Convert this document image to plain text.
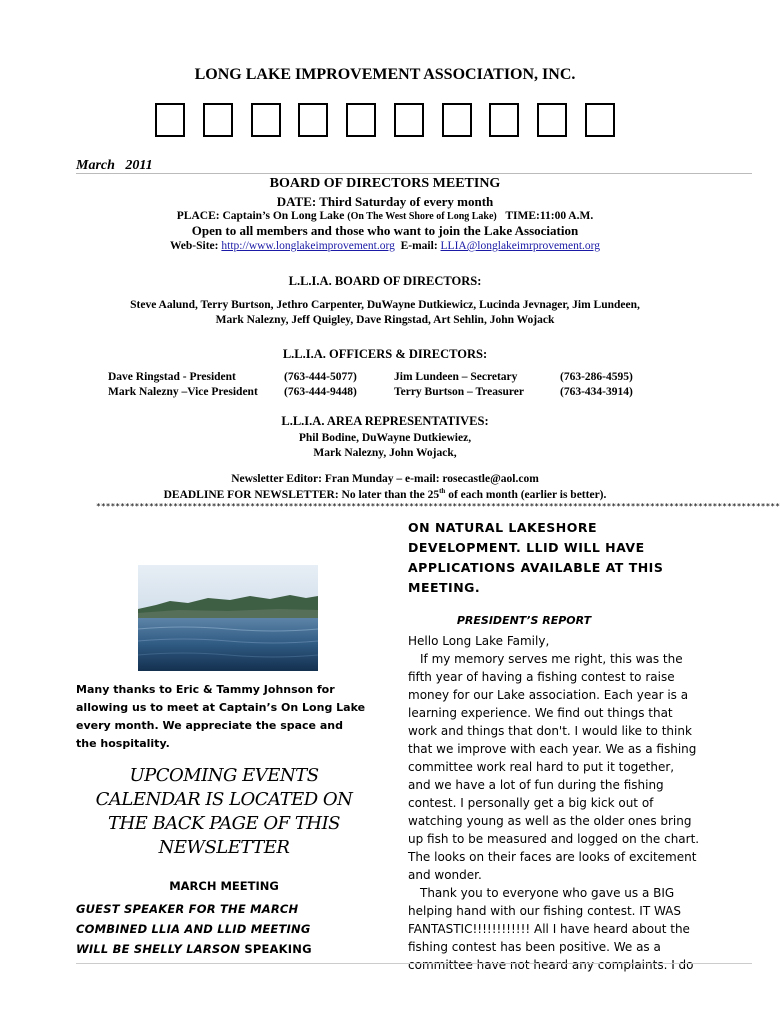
LONG LAKE IMPROVEMENT ASSOCIATION, INC.
March   2011
BOARD OF DIRECTORS MEETING
DATE: Third Saturday of every month
PLACE: Captain’s On Long Lake (On The West Shore of Long Lake) TIME:11:00 A.M.
Open to all members and those who want to join the Lake Association
Web-Site: http://www.longlakeimprovement.org E-mail: LLIA@longlakeimrprovement.org
L.L.I.A. BOARD OF DIRECTORS:
Steve Aalund, Terry Burtson, Jethro Carpenter, DuWayne Dutkiewicz, Lucinda Jevnager, Jim Lundeen,
Mark Nalezny, Jeff Quigley, Dave Ringstad, Art Sehlin, John Wojack
L.L.I.A. OFFICERS & DIRECTORS:
Dave Ringstad - President	(763-444-5077)	Jim Lundeen – Secretary	(763-286-4595)
Mark Nalezny –Vice President (763-444-9448)	Terry Burtson – Treasurer	(763-434-3914)
L.L.I.A. AREA REPRESENTATIVES:
Phil Bodine, DuWayne Dutkiewiez,
Mark Nalezny, John Wojack,
Newsletter Editor: Fran Munday – e-mail: rosecastle@aol.com
DEADLINE FOR NEWSLETTER: No later than the 25th of each month (earlier is better).
**********************************************************************************************************************************************
ON NATURAL LAKESHORE
DEVELOPMENT. LLID WILL HAVE
APPLICATIONS AVAILABLE AT THIS
MEETING.
PRESIDENT’S REPORT

Hello Long Lake Family,

If my memory serves me right, this was the fifth year of having a fishing contest to raise money for our Lake association. Each year is a learning experience. We find out things that work and things that don't. I would like to think that we improve with each year. We as a fishing committee work real hard to put it together, and we have a lot of fun during the fishing contest. I personally get a big kick out of watching young as well as the older ones bring up fish to be measured and logged on the chart. The looks on their faces are looks of excitement and wonder.

Thank you to everyone who gave us a BIG helping hand with our fishing contest. IT WAS FANTASTIC!!!!!!!!!!!! All I have heard about the fishing contest has been positive. We as a committee have not heard any complaints. I do

Many thanks to Eric & Tammy Johnson for allowing us to meet at Captain’s On Long Lake every month. We appreciate the space and the hospitality.
UPCOMING EVENTS
CALENDAR IS LOCATED ON
THE BACK PAGE OF THIS
NEWSLETTER
MARCH MEETING
GUEST SPEAKER FOR THE MARCH
COMBINED LLIA AND LLID MEETING
WILL BE SHELLY LARSON SPEAKING
